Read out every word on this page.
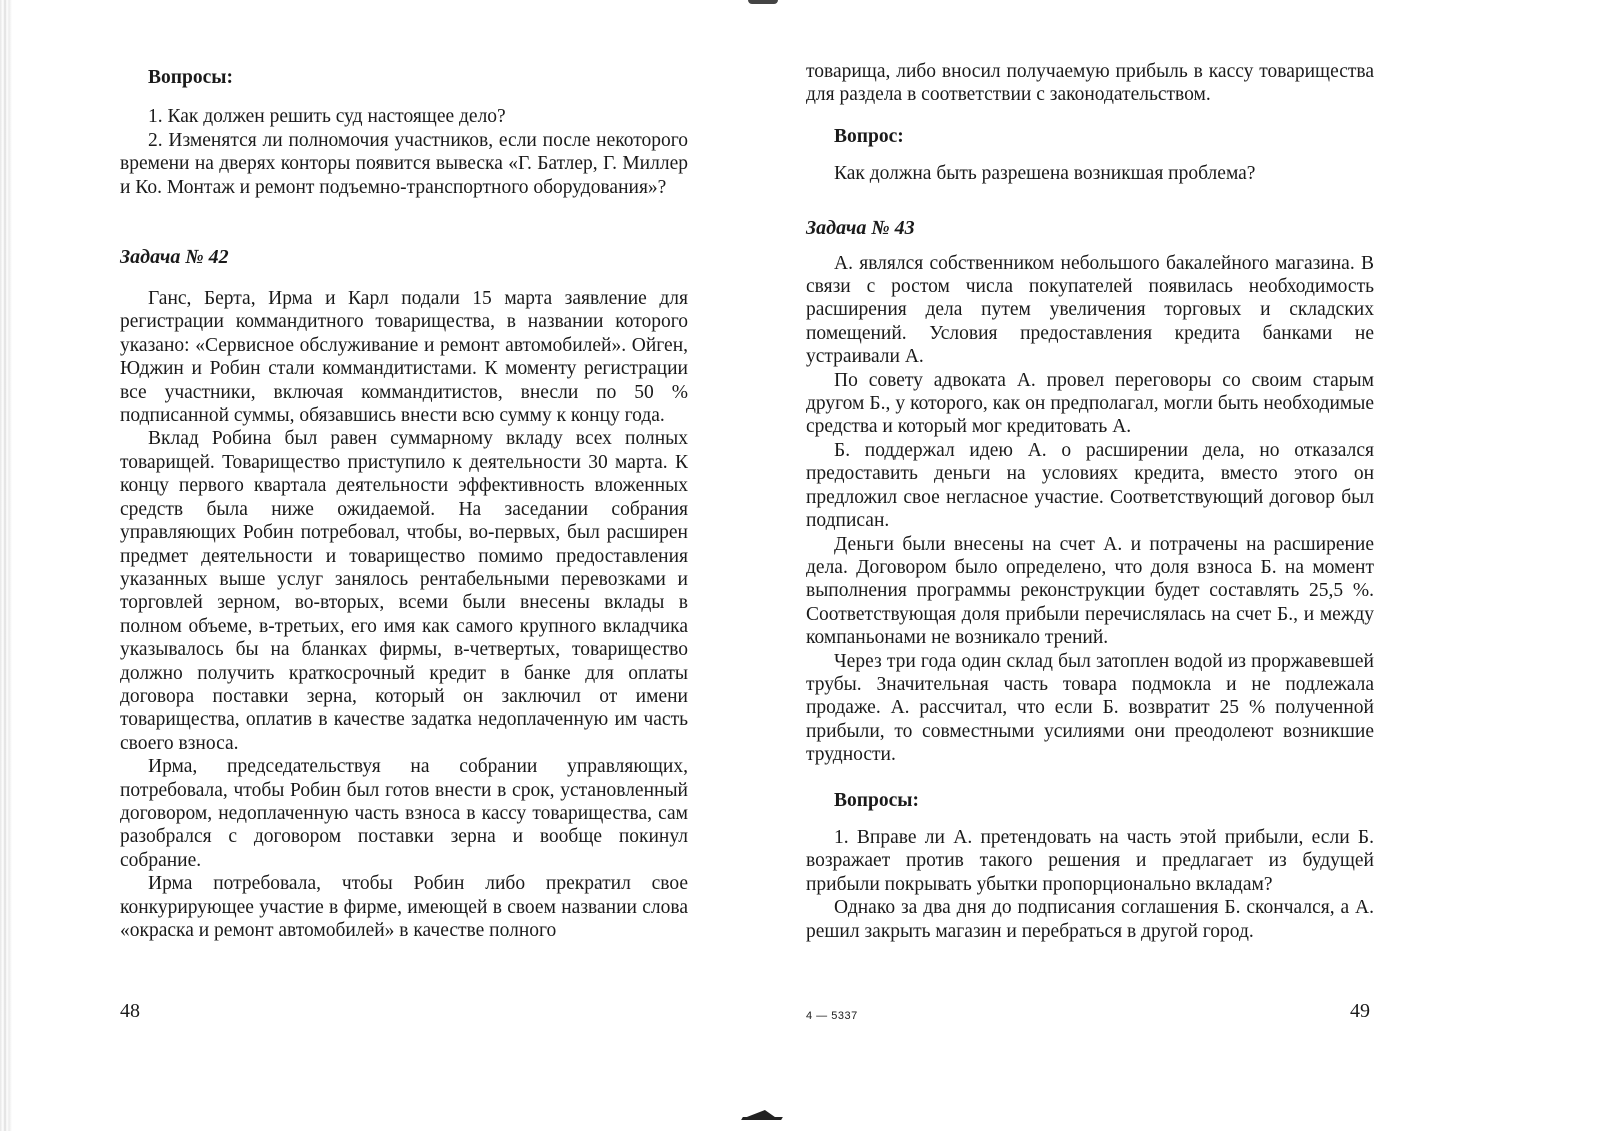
Вопросы:

1. Как должен решить суд настоящее дело?

2. Изменятся ли полномочия участников, если после некоторого времени на дверях конторы появится вывеска «Г. Батлер, Г. Миллер и Ко. Монтаж и ремонт подъемно-транспортного оборудования»?

Задача № 42

Ганс, Берта, Ирма и Карл подали 15 марта заявление для регистрации коммандитного товарищества, в названии которого указано: «Сервисное обслуживание и ремонт автомобилей». Ойген, Юджин и Робин стали коммандитистами. К моменту регистрации все участники, включая коммандитистов, внесли по 50 % подписанной суммы, обязавшись внести всю сумму к концу года.

Вклад Робина был равен суммарному вкладу всех полных товарищей. Товарищество приступило к деятельности 30 марта. К концу первого квартала деятельности эффективность вложенных средств была ниже ожидаемой. На заседании собрания управляющих Робин потребовал, чтобы, во-первых, был расширен предмет деятельности и товарищество помимо предоставления указанных выше услуг занялось рентабельными перевозками и торговлей зерном, во-вторых, всеми были внесены вклады в полном объеме, в-третьих, его имя как самого крупного вкладчика указывалось бы на бланках фирмы, в-четвертых, товарищество должно получить краткосрочный кредит в банке для оплаты договора поставки зерна, который он заключил от имени товарищества, оплатив в качестве задатка недоплаченную им часть своего взноса.

Ирма, председательствуя на собрании управляющих, потребовала, чтобы Робин был готов внести в срок, установленный договором, недоплаченную часть взноса в кассу товарищества, сам разобрался с договором поставки зерна и вообще покинул собрание.

Ирма потребовала, чтобы Робин либо прекратил свое конкурирующее участие в фирме, имеющей в своем названии слова «окраска и ремонт автомобилей» в качестве полного

48

товарища, либо вносил получаемую прибыль в кассу товарищества для раздела в соответствии с законодательством.

Вопрос:

Как должна быть разрешена возникшая проблема?

Задача № 43

А. являлся собственником небольшого бакалейного магазина. В связи с ростом числа покупателей появилась необходимость расширения дела путем увеличения торговых и складских помещений. Условия предоставления кредита банками не устраивали А.

По совету адвоката А. провел переговоры со своим старым другом Б., у которого, как он предполагал, могли быть необходимые средства и который мог кредитовать А.

Б. поддержал идею А. о расширении дела, но отказался предоставить деньги на условиях кредита, вместо этого он предложил свое негласное участие. Соответствующий договор был подписан.

Деньги были внесены на счет А. и потрачены на расширение дела. Договором было определено, что доля взноса Б. на момент выполнения программы реконструкции будет составлять 25,5 %. Соответствующая доля прибыли перечислялась на счет Б., и между компаньонами не возникало трений.

Через три года один склад был затоплен водой из проржавевшей трубы. Значительная часть товара подмокла и не подлежала продаже. А. рассчитал, что если Б. возвратит 25 % полученной прибыли, то совместными усилиями они преодолеют возникшие трудности.

Вопросы:

1. Вправе ли А. претендовать на часть этой прибыли, если Б. возражает против такого решения и предлагает из будущей прибыли покрывать убытки пропорционально вкладам?

Однако за два дня до подписания соглашения Б. скончался, а А. решил закрыть магазин и перебраться в другой город.

4 — 5337	49
